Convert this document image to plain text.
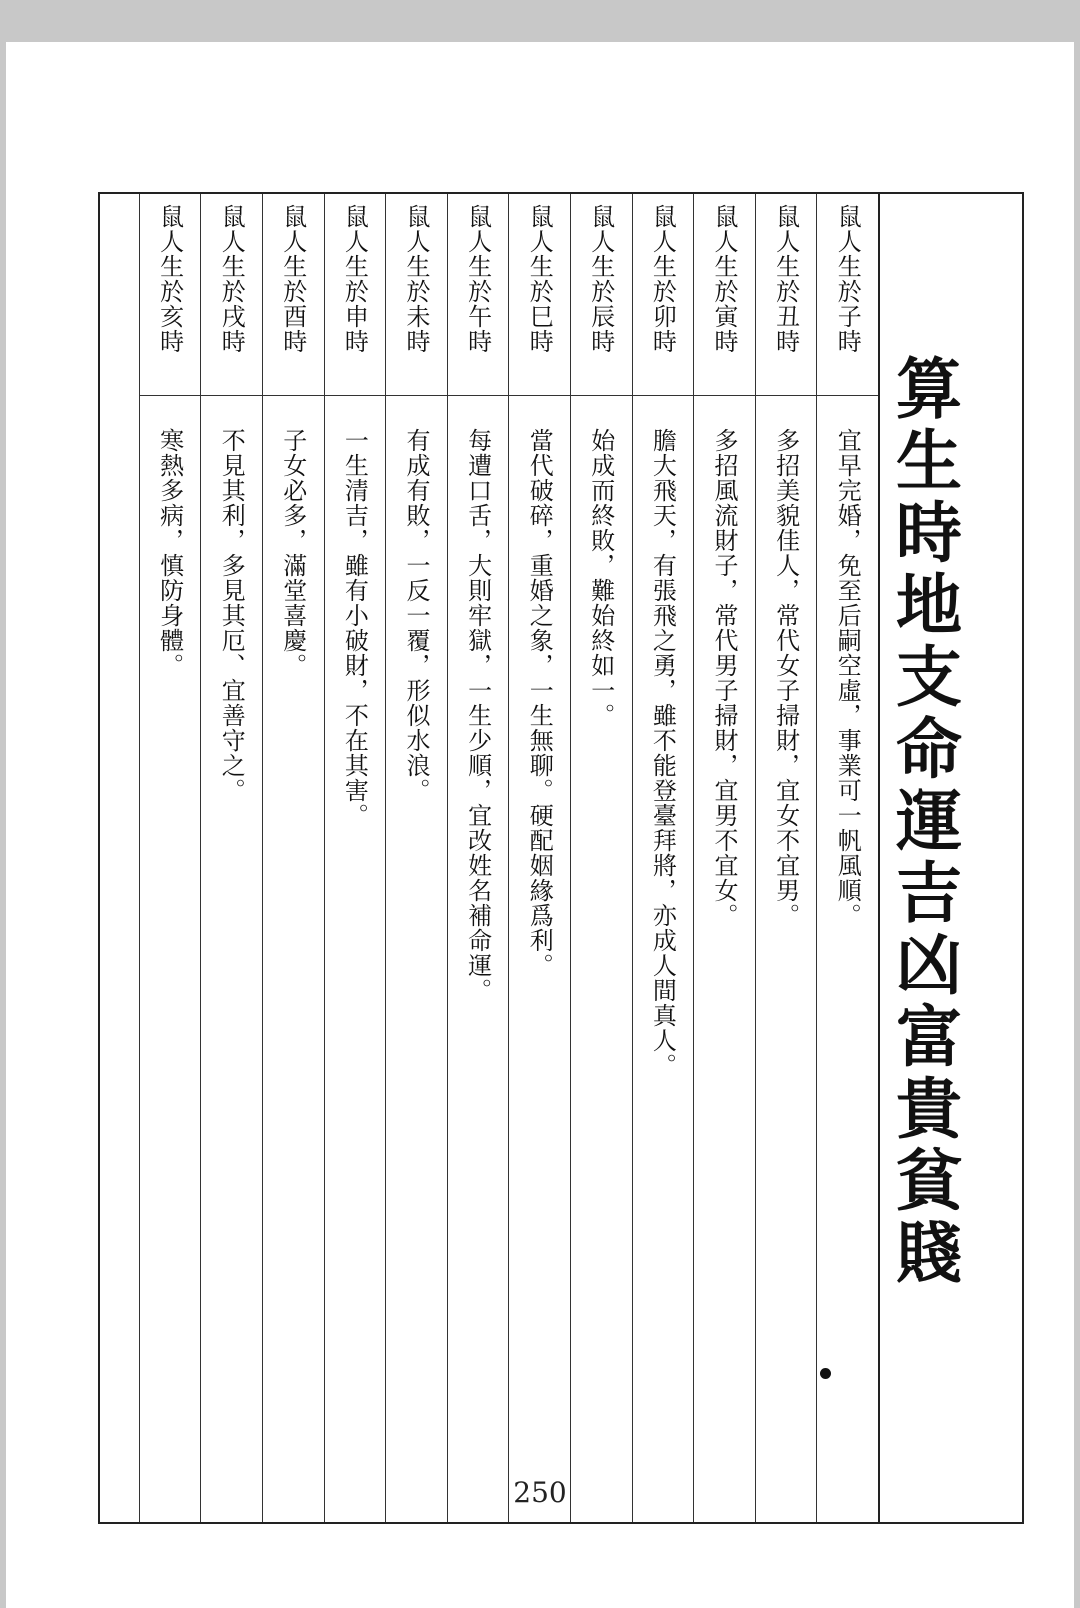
算生時地支命運吉凶富貴貧賤
鼠人生於子時
宜早完婚，免至后嗣空虛，事業可一帆風順。
鼠人生於丑時
多招美貌佳人，常代女子掃財，宜女不宜男。
鼠人生於寅時
多招風流財子，常代男子掃財，宜男不宜女。
鼠人生於卯時
膽大飛天，有張飛之勇，雖不能登臺拜將，亦成人間真人。
鼠人生於辰時
始成而終敗，難始終如一。
鼠人生於巳時
當代破碎，重婚之象，一生無聊。硬配姻緣爲利。
鼠人生於午時
每遭口舌，大則牢獄，一生少順，宜改姓名補命運。
鼠人生於未時
有成有敗，一反一覆，形似水浪。
鼠人生於申時
一生清吉，雖有小破財，不在其害。
鼠人生於酉時
子女必多，滿堂喜慶。
鼠人生於戌時
不見其利，多見其厄、宜善守之。
鼠人生於亥時
寒熱多病，慎防身體。
250
